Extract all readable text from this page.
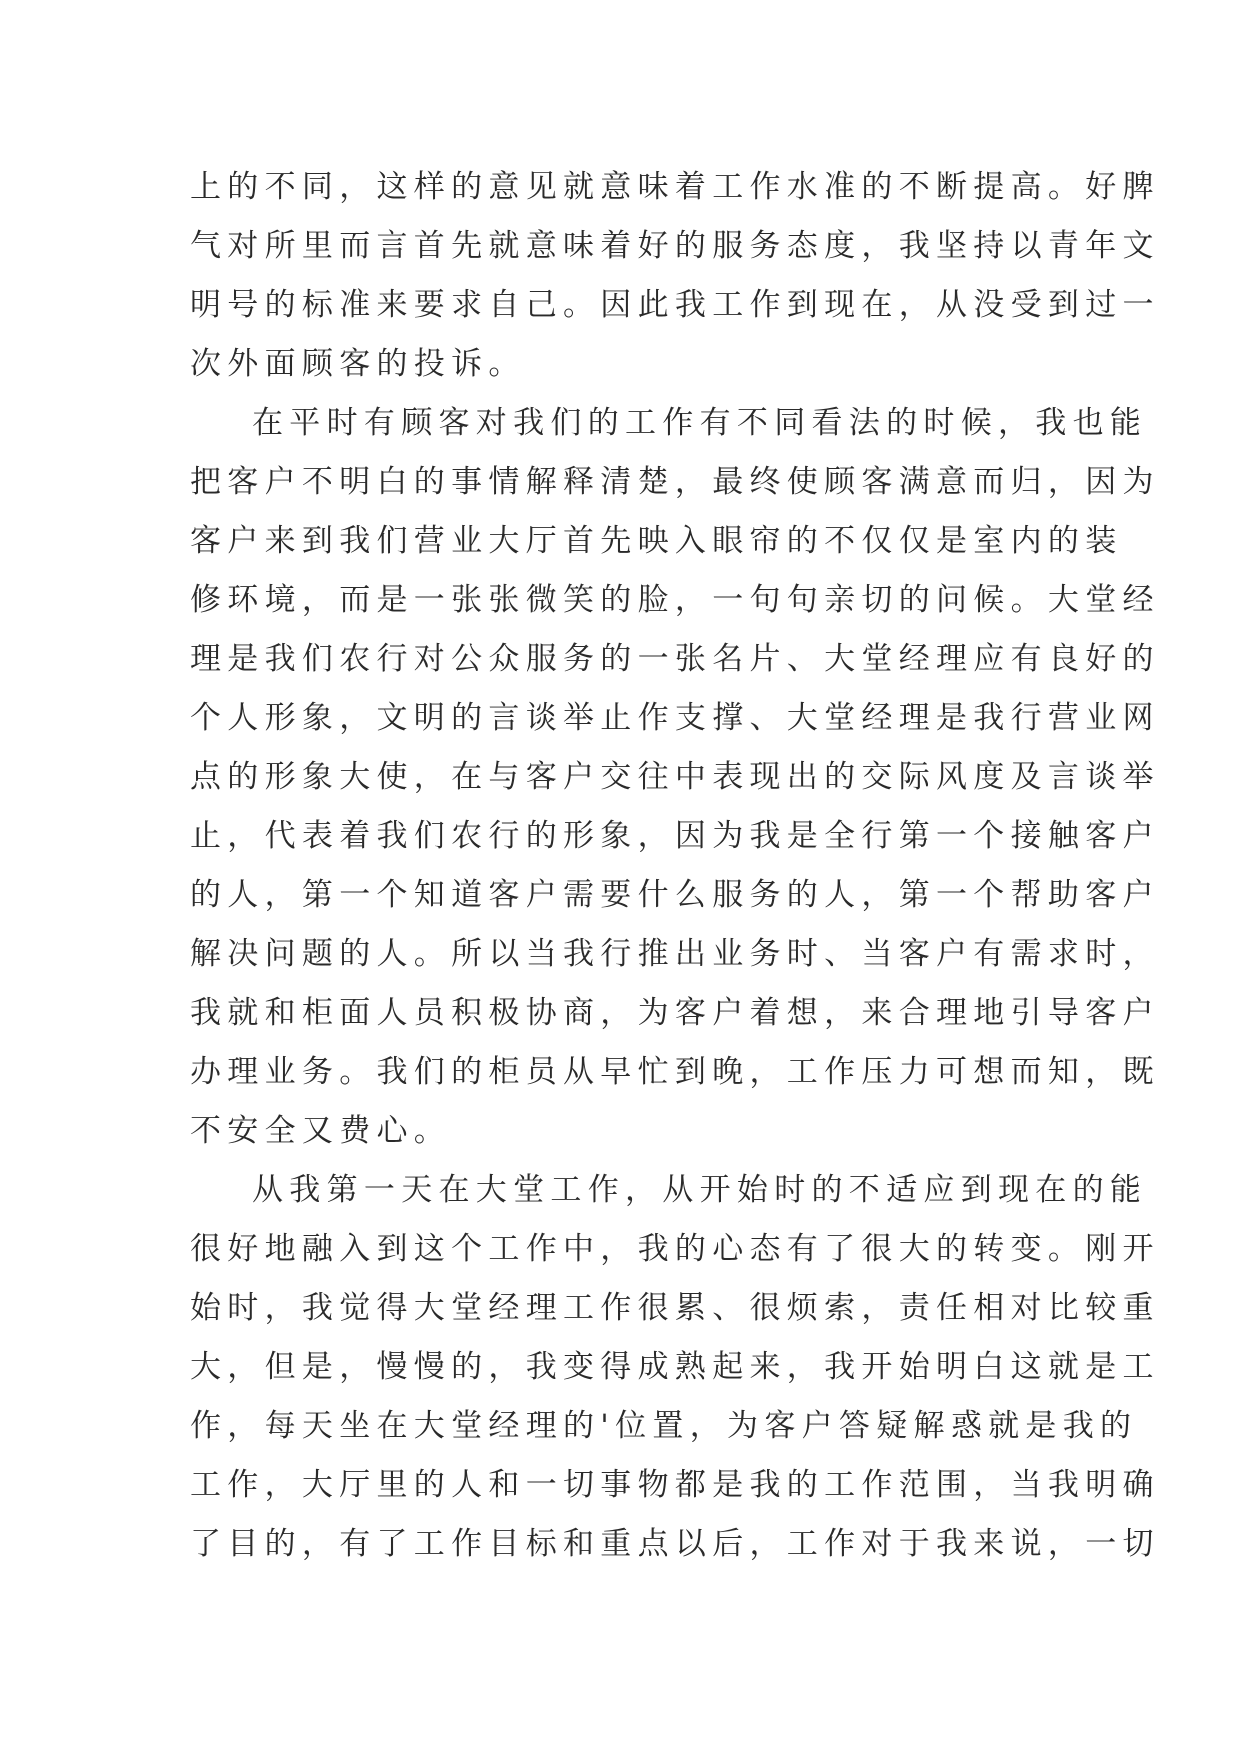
上的不同，这样的意见就意味着工作水准的不断提高。好脾
气对所里而言首先就意味着好的服务态度，我坚持以青年文
明号的标准来要求自己。因此我工作到现在，从没受到过一
次外面顾客的投诉。
在平时有顾客对我们的工作有不同看法的时候，我也能
把客户不明白的事情解释清楚，最终使顾客满意而归，因为
客户来到我们营业大厅首先映入眼帘的不仅仅是室内的装
修环境，而是一张张微笑的脸，一句句亲切的问候。大堂经
理是我们农行对公众服务的一张名片、大堂经理应有良好的
个人形象，文明的言谈举止作支撑、大堂经理是我行营业网
点的形象大使，在与客户交往中表现出的交际风度及言谈举
止，代表着我们农行的形象，因为我是全行第一个接触客户
的人，第一个知道客户需要什么服务的人，第一个帮助客户
解决问题的人。所以当我行推出业务时、当客户有需求时，
我就和柜面人员积极协商，为客户着想，来合理地引导客户
办理业务。我们的柜员从早忙到晚，工作压力可想而知，既
不安全又费心。
从我第一天在大堂工作，从开始时的不适应到现在的能
很好地融入到这个工作中，我的心态有了很大的转变。刚开
始时，我觉得大堂经理工作很累、很烦索，责任相对比较重
大，但是，慢慢的，我变得成熟起来，我开始明白这就是工
作，每天坐在大堂经理的'位置，为客户答疑解惑就是我的
工作，大厅里的人和一切事物都是我的工作范围，当我明确
了目的，有了工作目标和重点以后，工作对于我来说，一切
